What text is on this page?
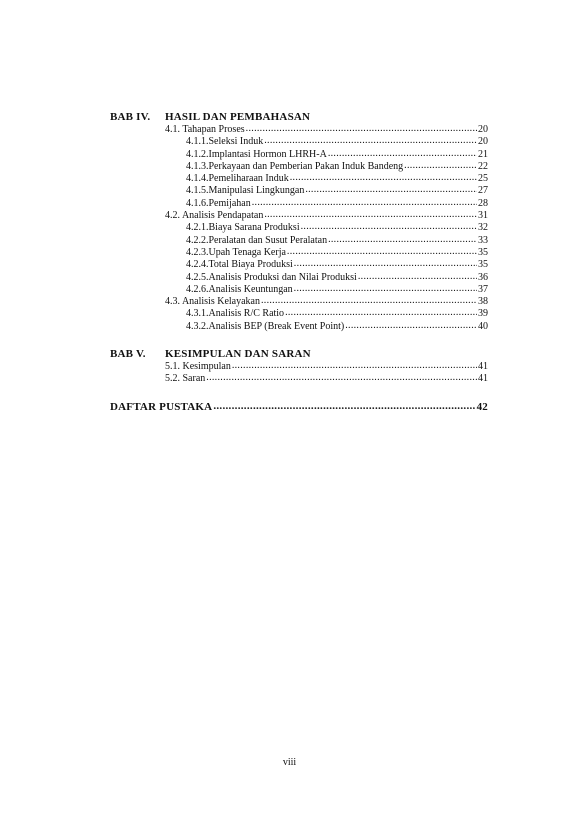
BAB IV.	HASIL DAN PEMBAHASAN
4.1. Tahapan Proses .....	20
4.1.1.Seleksi Induk .....	20
4.1.2.Implantasi Hormon LHRH-A .....	21
4.1.3.Perkayaan dan Pemberian Pakan Induk Bandeng .....	22
4.1.4.Pemeliharaan Induk .....	25
4.1.5.Manipulasi Lingkungan .....	27
4.1.6.Pemijahan .....	28
4.2. Analisis Pendapatan .....	31
4.2.1.Biaya Sarana Produksi .....	32
4.2.2.Peralatan dan Susut Peralatan .....	33
4.2.3.Upah Tenaga Kerja .....	35
4.2.4.Total Biaya Produksi .....	35
4.2.5.Analisis Produksi dan Nilai Produksi .....	36
4.2.6.Analisis Keuntungan .....	37
4.3. Analisis Kelayakan .....	38
4.3.1.Analisis R/C Ratio .....	39
4.3.2.Analisis BEP (Break Event Point) .....	40
BAB V.	KESIMPULAN DAN SARAN
5.1. Kesimpulan .....	41
5.2. Saran .....	41
DAFTAR PUSTAKA .....	42
viii
